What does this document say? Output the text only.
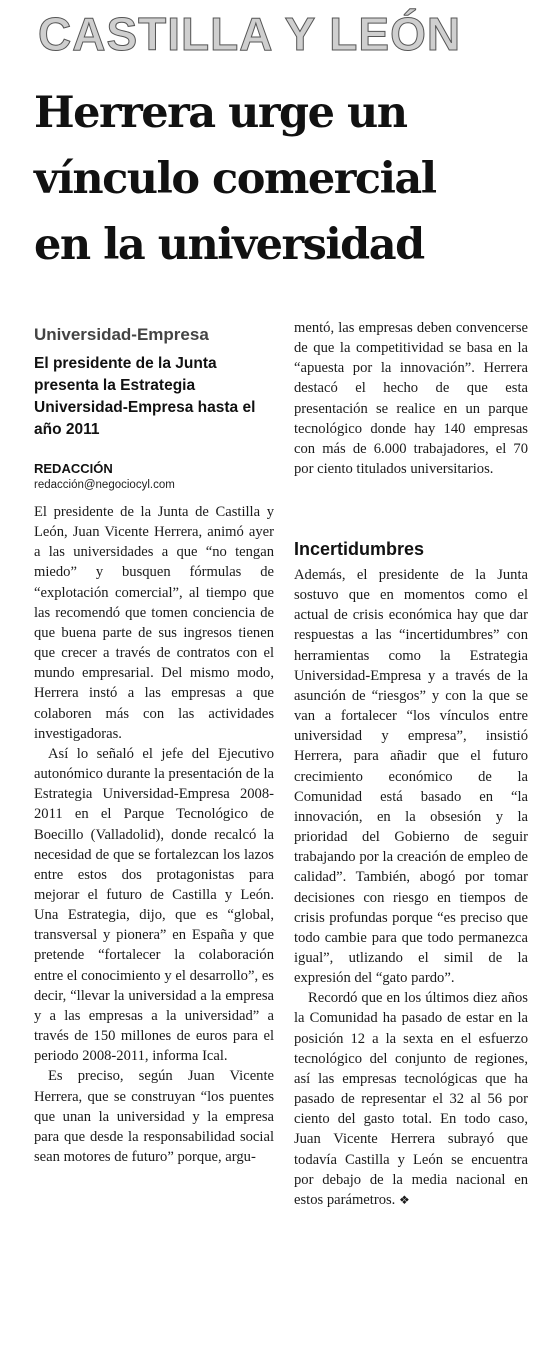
CASTILLA Y LEÓN
Herrera urge un
vínculo comercial
en la universidad
Universidad-Empresa
El presidente de la Junta presenta la Estrategia Universidad-Empresa hasta el año 2011
REDACCIÓN
redacción@negociocyl.com

El presidente de la Junta de Castilla y León, Juan Vicente Herrera, animó ayer a las universidades a que “no tengan miedo” y busquen fórmulas de “explotación comercial”, al tiempo que las recomendó que tomen conciencia de que buena parte de sus ingresos tienen que crecer a través de contratos con el mundo empresarial. Del mismo modo, Herrera instó a las empresas a que colaboren más con las actividades investigadoras.

Así lo señaló el jefe del Ejecutivo autonómico durante la presentación de la Estrategia Universidad-Empresa 2008-2011 en el Parque Tecnológico de Boecillo (Valladolid), donde recalcó la necesidad de que se fortalezcan los lazos entre estos dos protagonistas para mejorar el futuro de Castilla y León. Una Estrategia, dijo, que es “global, transversal y pionera” en España y que pretende “fortalecer la colaboración entre el conocimiento y el desarrollo”, es decir, “llevar la universidad a la empresa y a las empresas a la universidad” a través de 150 millones de euros para el periodo 2008-2011, informa Ical.

Es preciso, según Juan Vicente Herrera, que se construyan “los puentes que unan la universidad y la empresa para que desde la responsabilidad social sean motores de futuro” porque, argu-

mentó, las empresas deben convencerse de que la competitividad se basa en la “apuesta por la innovación”. Herrera destacó el hecho de que esta presentación se realice en un parque tecnológico donde hay 140 empresas con más de 6.000 trabajadores, el 70 por ciento titulados universitarios.

Incertidumbres

Además, el presidente de la Junta sostuvo que en momentos como el actual de crisis económica hay que dar respuestas a las “incertidumbres” con herramientas como la Estrategia Universidad-Empresa y a través de la asunción de “riesgos” y con la que se van a fortalecer “los vínculos entre universidad y empresa”, insistió Herrera, para añadir que el futuro crecimiento económico de la Comunidad está basado en “la innovación, en la obsesión y la prioridad del Gobierno de seguir trabajando por la creación de empleo de calidad”. También, abogó por tomar decisiones con riesgo en tiempos de crisis profundas porque “es preciso que todo cambie para que todo permanezca igual”, utlizando el simil de la expresión del “gato pardo”.

Recordó que en los últimos diez años la Comunidad ha pasado de estar en la posición 12 a la sexta en el esfuerzo tecnológico del conjunto de regiones, así las empresas tecnológicas que ha pasado de representar el 32 al 56 por ciento del gasto total. En todo caso, Juan Vicente Herrera subrayó que todavía Castilla y León se encuentra por debajo de la media nacional en estos parámetros. ❖
